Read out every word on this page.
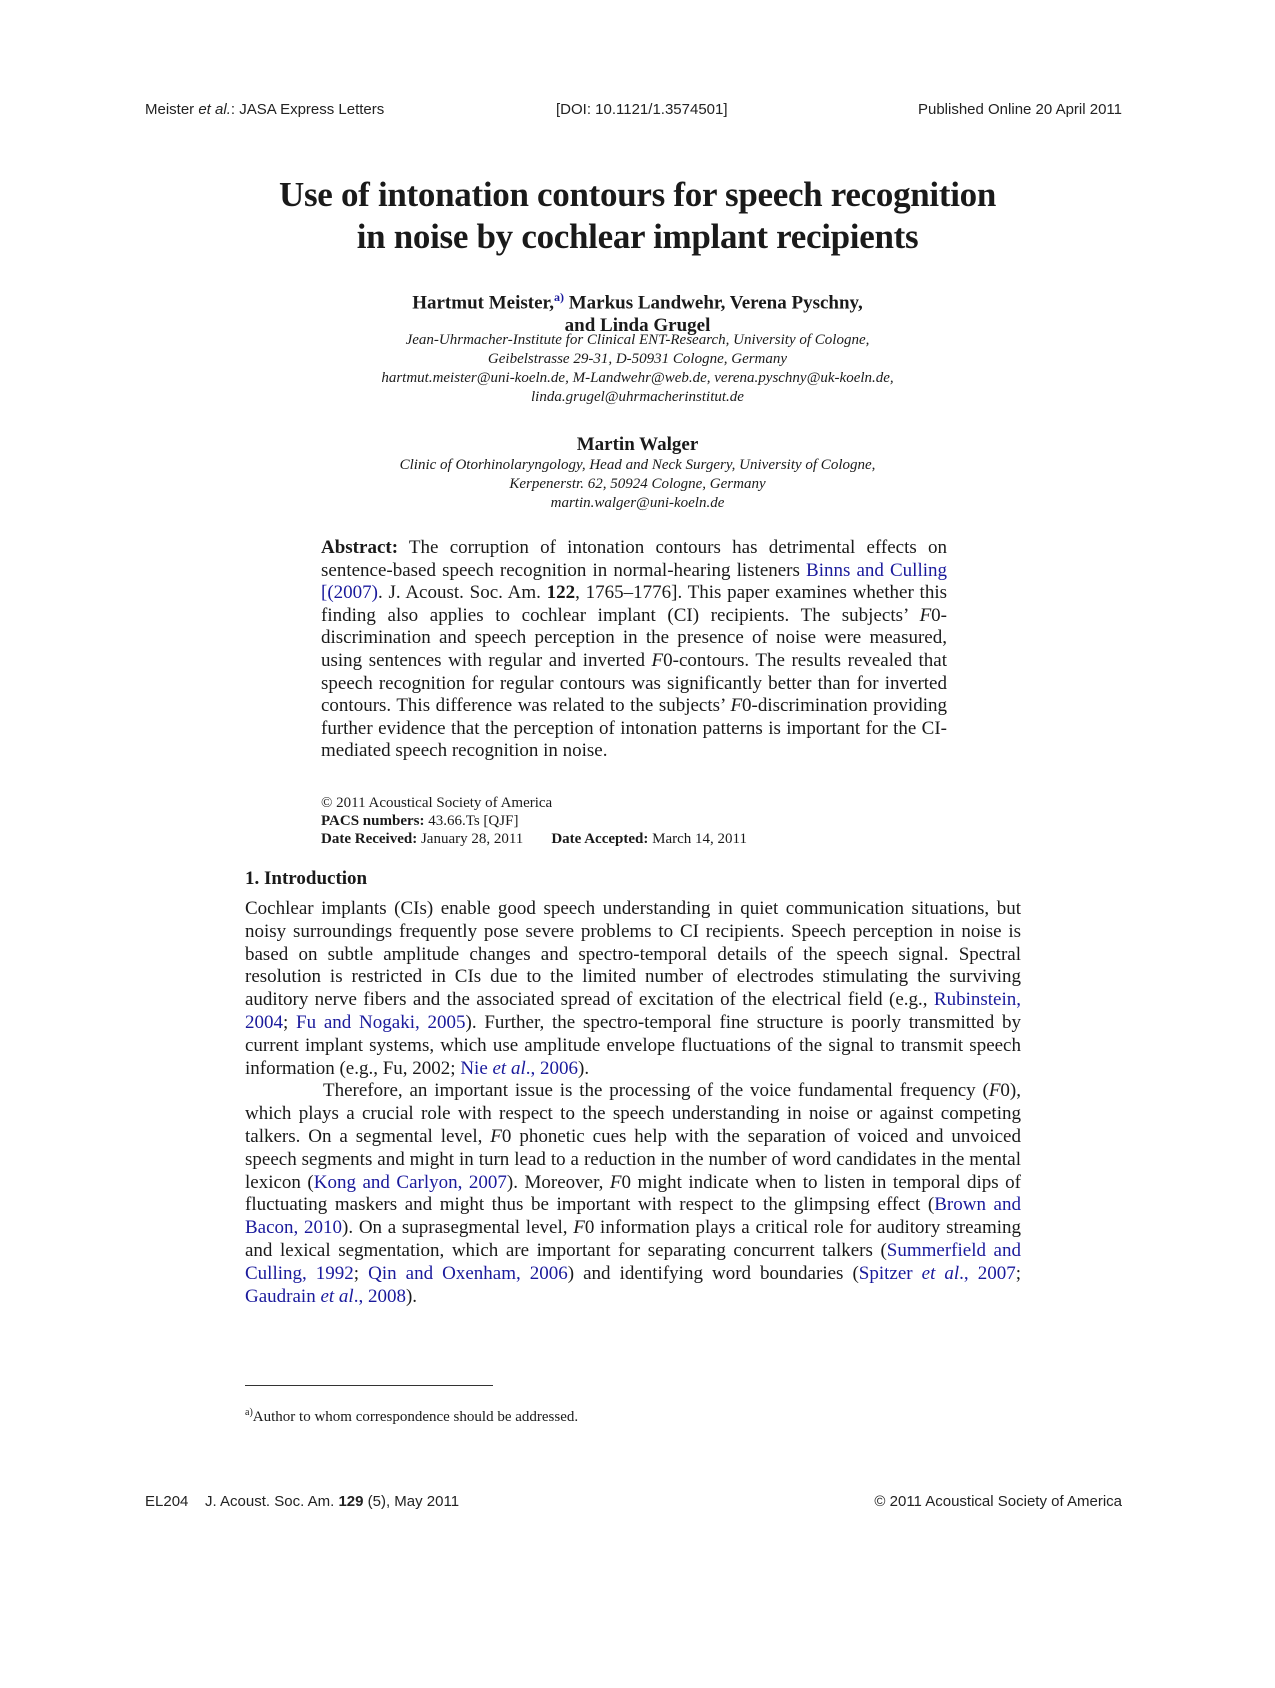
Meister et al.: JASA Express Letters	[DOI: 10.1121/1.3574501]	Published Online 20 April 2011
Use of intonation contours for speech recognition
in noise by cochlear implant recipients
Hartmut Meister,$^{a)}$ Markus Landwehr, Verena Pyschny,
and Linda Grugel
Jean-Uhrmacher-Institute for Clinical ENT-Research, University of Cologne,
Geibelstrasse 29-31, D-50931 Cologne, Germany
hartmut.meister@uni-koeln.de, M-Landwehr@web.de, verena.pyschny@uk-koeln.de,
linda.grugel@uhrmacherinstitut.de
Martin Walger
Clinic of Otorhinolaryngology, Head and Neck Surgery, University of Cologne,
Kerpenerstr. 62, 50924 Cologne, Germany
martin.walger@uni-koeln.de
Abstract: The corruption of intonation contours has detrimental effects on sentence-based speech recognition in normal-hearing listeners Binns and Culling [(2007). J. Acoust. Soc. Am. 122, 1765–1776]. This paper examines whether this finding also applies to cochlear implant (CI) recipients. The subjects’ F0-discrimination and speech perception in the presence of noise were measured, using sentences with regular and inverted F0-contours. The results revealed that speech recognition for regular contours was significantly better than for inverted contours. This difference was related to the subjects’ F0-discrimination providing further evidence that the perception of intonation patterns is important for the CI-mediated speech recognition in noise.
© 2011 Acoustical Society of America
PACS numbers: 43.66.Ts [QJF]
Date Received: January 28, 2011 Date Accepted: March 14, 2011
1. Introduction

Cochlear implants (CIs) enable good speech understanding in quiet communication situations, but noisy surroundings frequently pose severe problems to CI recipients. Speech perception in noise is based on subtle amplitude changes and spectro-temporal details of the speech signal. Spectral resolution is restricted in CIs due to the limited number of electrodes stimulating the surviving auditory nerve fibers and the associated spread of excitation of the electrical field (e.g., Rubinstein, 2004; Fu and Nogaki, 2005). Further, the spectro-temporal fine structure is poorly transmitted by current implant systems, which use amplitude envelope fluctuations of the signal to transmit speech information (e.g., Fu, 2002; Nie et al., 2006).

Therefore, an important issue is the processing of the voice fundamental frequency (F0), which plays a crucial role with respect to the speech understanding in noise or against competing talkers. On a segmental level, F0 phonetic cues help with the separation of voiced and unvoiced speech segments and might in turn lead to a reduction in the number of word candidates in the mental lexicon (Kong and Carlyon, 2007). Moreover, F0 might indicate when to listen in temporal dips of fluctuating maskers and might thus be important with respect to the glimpsing effect (Brown and Bacon, 2010). On a suprasegmental level, F0 information plays a critical role for auditory streaming and lexical segmentation, which are important for separating concurrent talkers (Summerfield and Culling, 1992; Qin and Oxenham, 2006) and identifying word boundaries (Spitzer et al., 2007; Gaudrain et al., 2008).

$^{a)}$Author to whom correspondence should be addressed.
EL204 J. Acoust. Soc. Am. 129 (5), May 2011	© 2011 Acoustical Society of America
